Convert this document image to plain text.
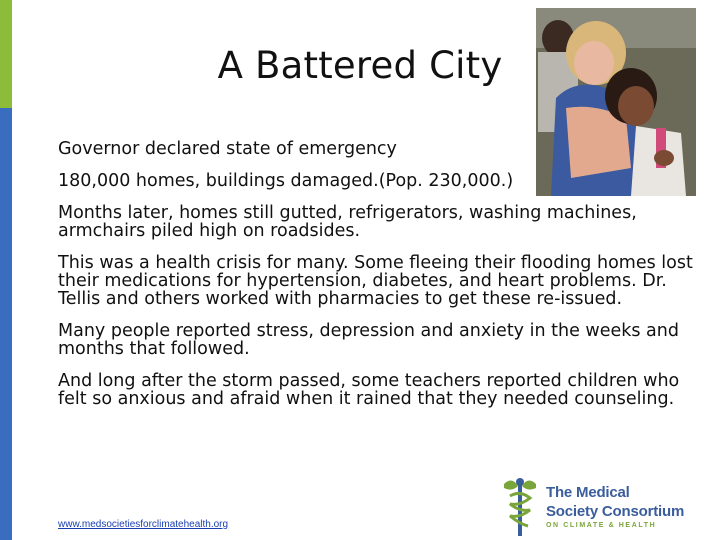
A Battered City

Governor declared state of emergency

180,000 homes, buildings damaged.(Pop. 230,000.)

Months later, homes still gutted, refrigerators, washing machines, armchairs piled high on roadsides.

This was a health crisis for many. Some fleeing their flooding homes lost their medications for hypertension, diabetes, and heart problems. Dr. Tellis and others worked with pharmacies to get these re-issued.

Many people reported stress, depression and anxiety in the weeks and months that followed.

And long after the storm passed, some teachers reported children who felt so anxious and afraid when it rained that they needed counseling.

www.medsocietiesforclimatehealth.org
The Medical
Society Consortium
ON CLIMATE & HEALTH
